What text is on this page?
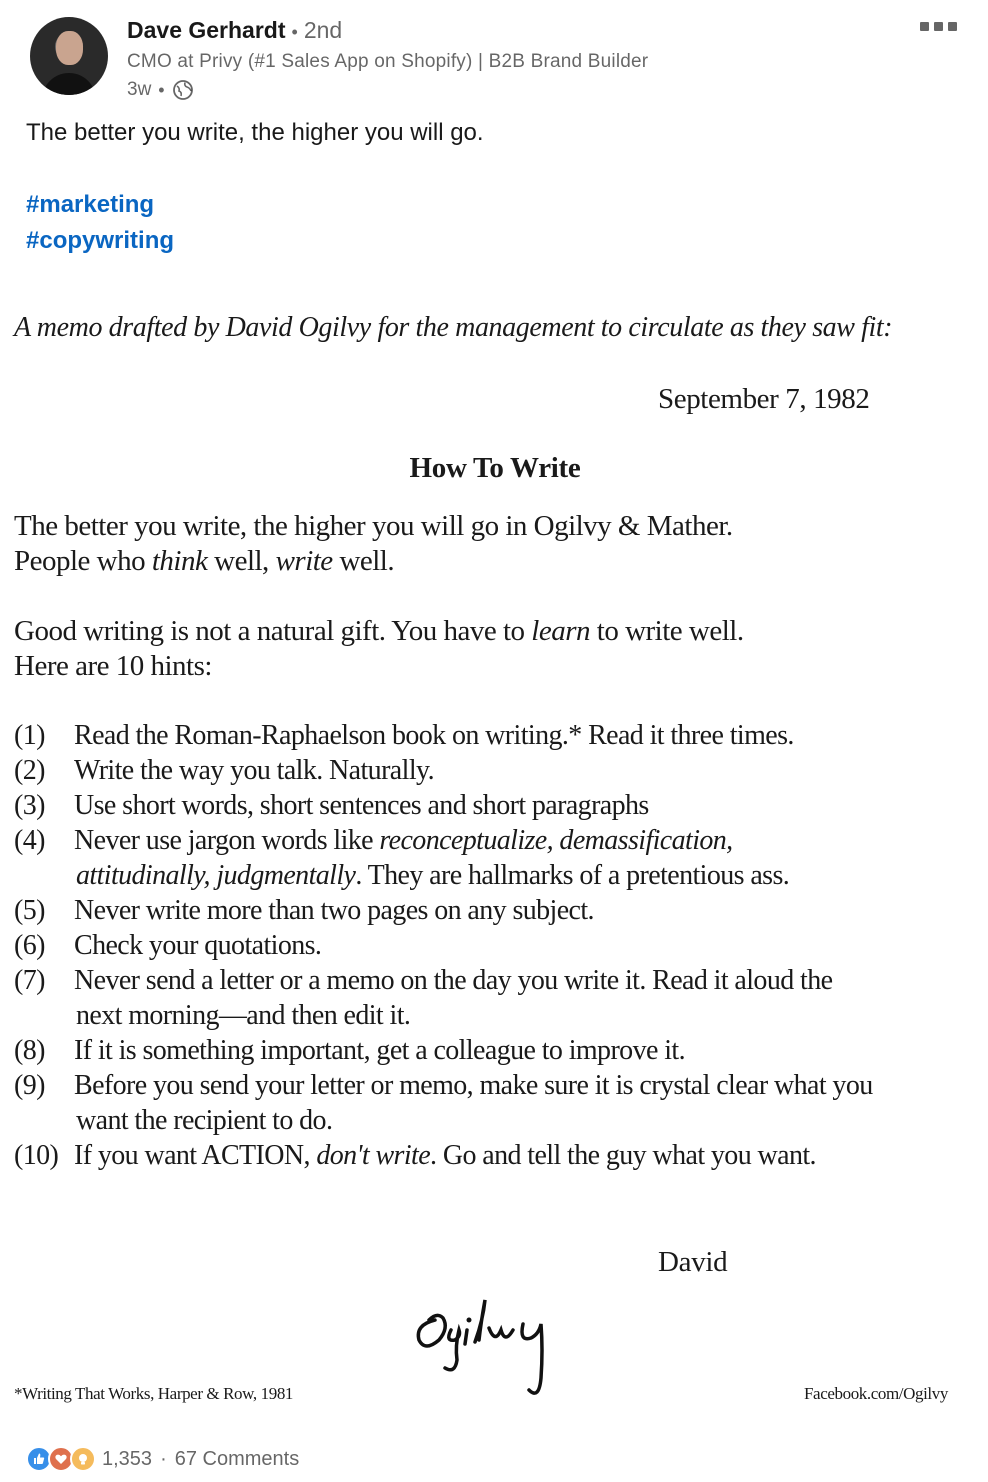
Dave Gerhardt • 2nd
CMO at Privy (#1 Sales App on Shopify) | B2B Brand Builder
3w •
The better you write, the higher you will go.
#marketing
#copywriting
A memo drafted by David Ogilvy for the management to circulate as they saw fit:
September 7, 1982
How To Write
The better you write, the higher you will go in Ogilvy & Mather.
People who think well, write well.
Good writing is not a natural gift. You have to learn to write well.
Here are 10 hints:
(1)	Read the Roman-Raphaelson book on writing.* Read it three times.
(2)	Write the way you talk. Naturally.
(3)	Use short words, short sentences and short paragraphs
(4)	Never use jargon words like reconceptualize, demassification,
attitudinally, judgmentally. They are hallmarks of a pretentious ass.
(5)	Never write more than two pages on any subject.
(6)	Check your quotations.
(7)	Never send a letter or a memo on the day you write it. Read it aloud the
next morning—and then edit it.
(8)	If it is something important, get a colleague to improve it.
(9)	Before you send your letter or memo, make sure it is crystal clear what you
want the recipient to do.
(10) If you want ACTION, don't write. Go and tell the guy what you want.
David
*Writing That Works, Harper & Row, 1981	Facebook.com/Ogilvy
1,353 · 67 Comments
